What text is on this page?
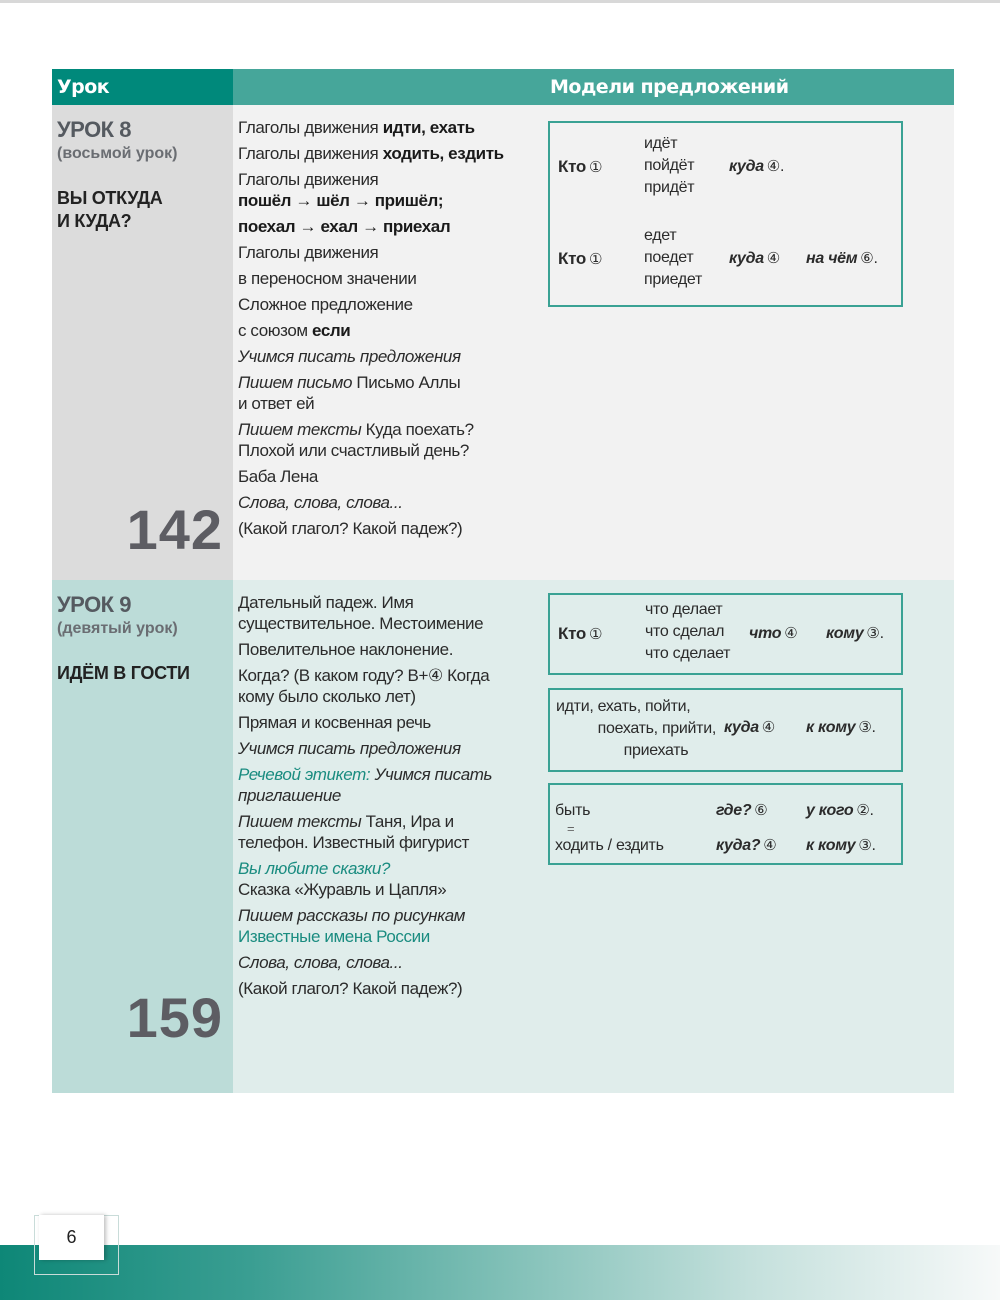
Урок	Модели предложений
УРОК 8
(восьмой урок)
ВЫ ОТКУДА
И КУДА?
142
Глаголы движения идти, ехать
Глаголы движения ходить, ездить
Глаголы движения
пошёл → шёл → пришёл;
поехал → ехал → приехал
Глаголы движения
в переносном значении
Сложное предложение
с союзом если
Учимся писать предложения
Пишем письмо Письмо Аллы
и ответ ей
Пишем тексты Куда поехать?
Плохой или счастливый день?
Баба Лена
Слова, слова, слова...
(Какой глагол? Какой падеж?)
Кто ①
идёт
пойдёт
придёт
куда ④.
Кто ①
едет
поедет
приедет
куда ④ на чём ⑥.
УРОК 9
(девятый урок)
ИДЁМ В ГОСТИ
159
Дательный падеж. Имя
существительное. Местоимение
Повелительное наклонение.
Когда? (В каком году? В+④ Когда
кому было сколько лет)
Прямая и косвенная речь
Учимся писать предложения
Речевой этикет: Учимся писать
приглашение
Пишем тексты Таня, Ира и
телефон. Известный фигурист
Вы любите сказки?
Сказка «Журавль и Цапля»
Пишем рассказы по рисункам
Известные имена России
Слова, слова, слова...
(Какой глагол? Какой падеж?)
Кто ①
что делает
что сделал
что сделает
что ④ кому ③.
идти, ехать, пойти,
поехать, прийти,
приехать
куда ④ к кому ③.
быть
=
ходить / ездить
где? ⑥ у кого ②.
куда? ④ к кому ③.
6
